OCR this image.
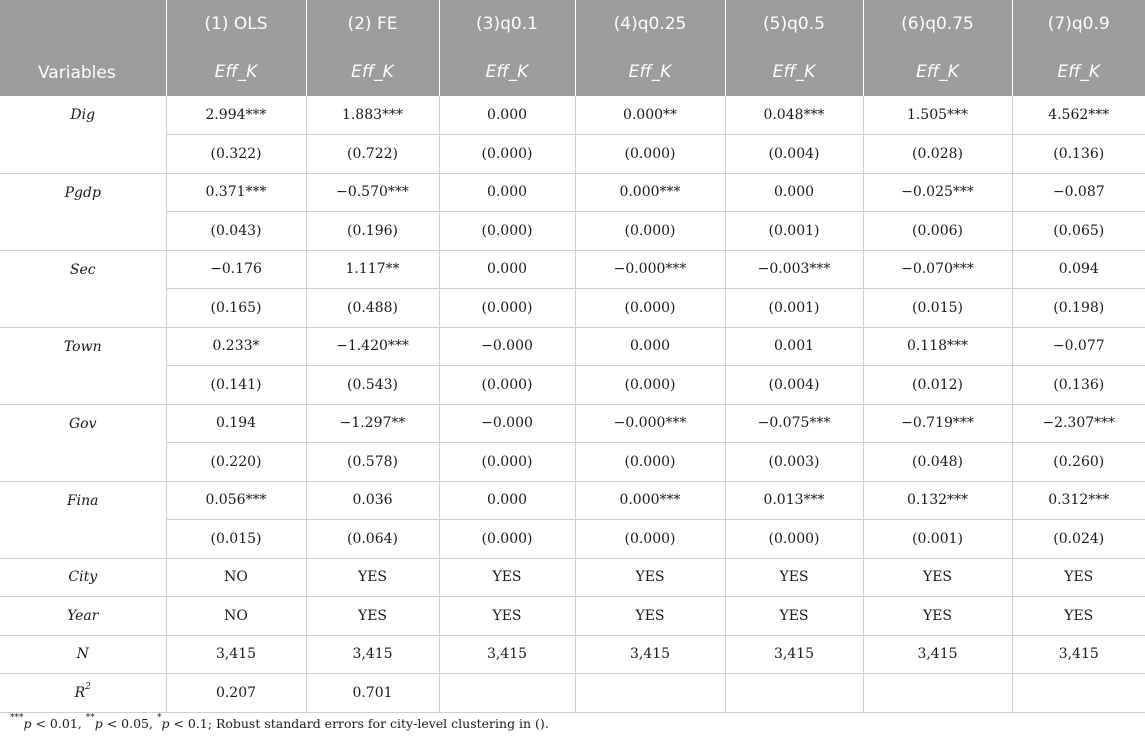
Variables	(1) OLS	(2) FE	(3)q0.1	(4)q0.25	(5)q0.5	(6)q0.75	(7)q0.9
	Eff_K	Eff_K	Eff_K	Eff_K	Eff_K	Eff_K	Eff_K
Dig	2.994***	1.883***	0.000	0.000**	0.048***	1.505***	4.562***
	(0.322)	(0.722)	(0.000)	(0.000)	(0.004)	(0.028)	(0.136)
Pgdp	0.371***	−0.570***	0.000	0.000***	0.000	−0.025***	−0.087
	(0.043)	(0.196)	(0.000)	(0.000)	(0.001)	(0.006)	(0.065)
Sec	−0.176	1.117**	0.000	−0.000***	−0.003***	−0.070***	0.094
	(0.165)	(0.488)	(0.000)	(0.000)	(0.001)	(0.015)	(0.198)
Town	0.233*	−1.420***	−0.000	0.000	0.001	0.118***	−0.077
	(0.141)	(0.543)	(0.000)	(0.000)	(0.004)	(0.012)	(0.136)
Gov	0.194	−1.297**	−0.000	−0.000***	−0.075***	−0.719***	−2.307***
	(0.220)	(0.578)	(0.000)	(0.000)	(0.003)	(0.048)	(0.260)
Fina	0.056***	0.036	0.000	0.000***	0.013***	0.132***	0.312***
	(0.015)	(0.064)	(0.000)	(0.000)	(0.000)	(0.001)	(0.024)
City	NO	YES	YES	YES	YES	YES	YES
Year	NO	YES	YES	YES	YES	YES	YES
N	3,415	3,415	3,415	3,415	3,415	3,415	3,415
$R^2$	0.207	0.701					
***p < 0.01, **p < 0.05, *p < 0.1; Robust standard errors for city-level clustering in ().
